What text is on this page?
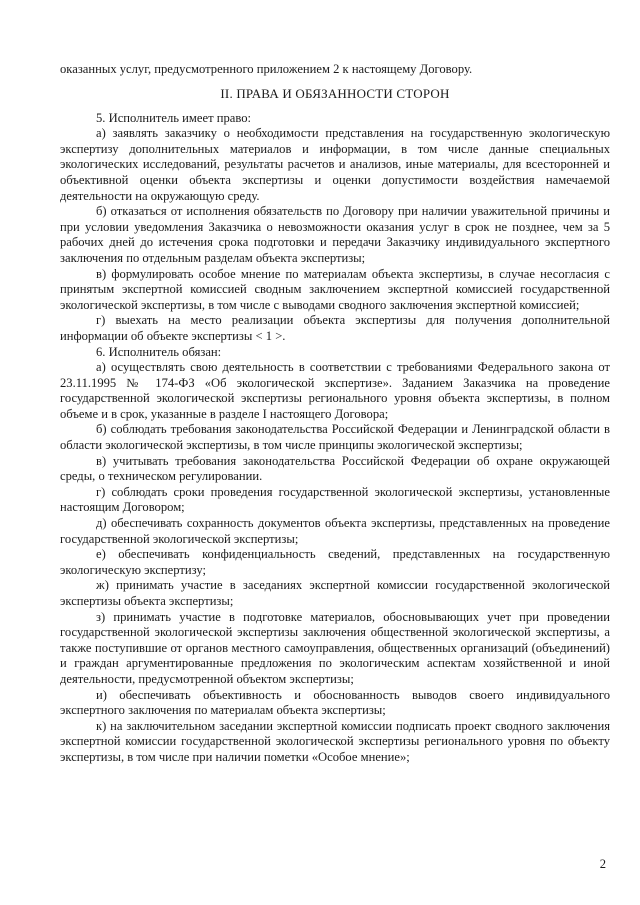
оказанных услуг, предусмотренного приложением 2 к настоящему Договору.

II. ПРАВА И ОБЯЗАННОСТИ СТОРОН

5. Исполнитель имеет право:

а) заявлять заказчику о необходимости представления на государственную экологическую экспертизу дополнительных материалов и информации, в том числе данные специальных экологических исследований, результаты расчетов и анализов, иные материалы, для всесторонней и объективной оценки объекта экспертизы и оценки допустимости воздействия намечаемой деятельности на окружающую среду.

б) отказаться от исполнения обязательств по Договору при наличии уважительной причины и при условии уведомления Заказчика о невозможности оказания услуг в срок не позднее, чем за 5 рабочих дней до истечения срока подготовки и передачи Заказчику индивидуального экспертного заключения по отдельным разделам объекта экспертизы;

в) формулировать особое мнение по материалам объекта экспертизы, в случае несогласия с принятым экспертной комиссией сводным заключением экспертной комиссией государственной экологической экспертизы, в том числе с выводами сводного заключения экспертной комиссией;

г) выехать на место реализации объекта экспертизы для получения дополнительной информации об объекте экспертизы < 1 >.

6. Исполнитель обязан:

а) осуществлять свою деятельность в соответствии с требованиями Федерального закона от 23.11.1995 № 174-ФЗ «Об экологической экспертизе». Заданием Заказчика на проведение государственной экологической экспертизы регионального уровня объекта экспертизы, в полном объеме и в срок, указанные в разделе I настоящего Договора;

б) соблюдать требования законодательства Российской Федерации и Ленинградской области в области экологической экспертизы, в том числе принципы экологической экспертизы;

в) учитывать требования законодательства Российской Федерации об охране окружающей среды, о техническом регулировании.

г) соблюдать сроки проведения государственной экологической экспертизы, установленные настоящим Договором;

д) обеспечивать сохранность документов объекта экспертизы, представленных на проведение государственной экологической экспертизы;

е) обеспечивать конфиденциальность сведений, представленных на государственную экологическую экспертизу;

ж) принимать участие в заседаниях экспертной комиссии государственной экологической экспертизы объекта экспертизы;

з) принимать участие в подготовке материалов, обосновывающих учет при проведении государственной экологической экспертизы заключения общественной экологической экспертизы, а также поступившие от органов местного самоуправления, общественных организаций (объединений) и граждан аргументированные предложения по экологическим аспектам хозяйственной и иной деятельности, предусмотренной объектом экспертизы;

и) обеспечивать объективность и обоснованность выводов своего индивидуального экспертного заключения по материалам объекта экспертизы;

к) на заключительном заседании экспертной комиссии подписать проект сводного заключения экспертной комиссии государственной экологической экспертизы регионального уровня по объекту экспертизы, в том числе при наличии пометки «Особое мнение»;

2
